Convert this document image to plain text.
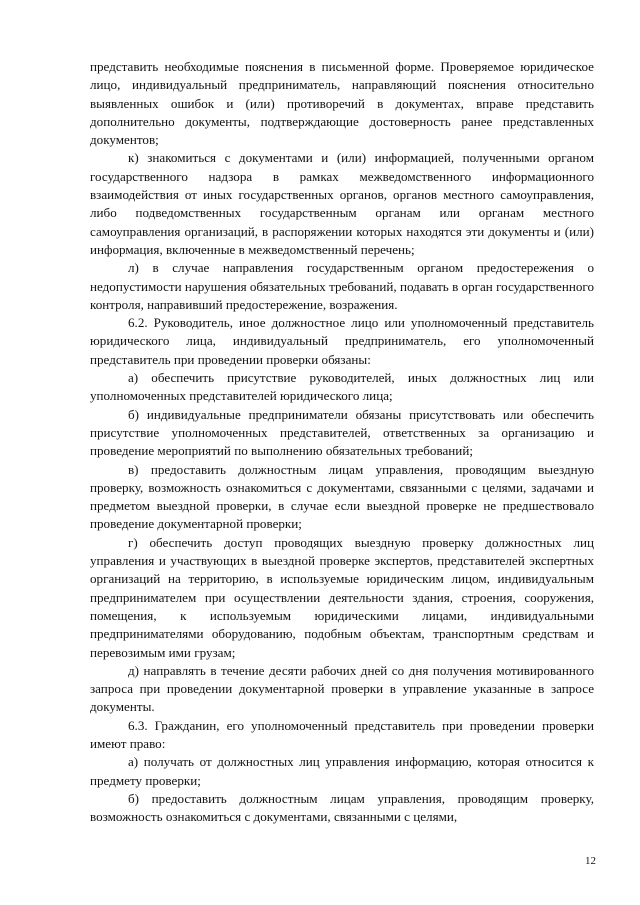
представить необходимые пояснения в письменной форме. Проверяемое юридическое лицо, индивидуальный предприниматель, направляющий пояснения относительно выявленных ошибок и (или) противоречий в документах, вправе представить дополнительно документы, подтверждающие достоверность ранее представленных документов;

к) знакомиться с документами и (или) информацией, полученными органом государственного надзора в рамках межведомственного информационного взаимодействия от иных государственных органов, органов местного самоуправления, либо подведомственных государственным органам или органам местного самоуправления организаций, в распоряжении которых находятся эти документы и (или) информация, включенные в межведомственный перечень;

л) в случае направления государственным органом предостережения о недопустимости нарушения обязательных требований, подавать в орган государственного контроля, направивший предостережение, возражения.

6.2. Руководитель, иное должностное лицо или уполномоченный представитель юридического лица, индивидуальный предприниматель, его уполномоченный представитель при проведении проверки обязаны:

а) обеспечить присутствие руководителей, иных должностных лиц или уполномоченных представителей юридического лица;

б) индивидуальные предприниматели обязаны присутствовать или обеспечить присутствие уполномоченных представителей, ответственных за организацию и проведение мероприятий по выполнению обязательных требований;

в) предоставить должностным лицам управления, проводящим выездную проверку, возможность ознакомиться с документами, связанными с целями, задачами и предметом выездной проверки, в случае если выездной проверке не предшествовало проведение документарной проверки;

г) обеспечить доступ проводящих выездную проверку должностных лиц управления и участвующих в выездной проверке экспертов, представителей экспертных организаций на территорию, в используемые юридическим лицом, индивидуальным предпринимателем при осуществлении деятельности здания, строения, сооружения, помещения, к используемым юридическими лицами, индивидуальными предпринимателями оборудованию, подобным объектам, транспортным средствам и перевозимым ими грузам;

д) направлять в течение десяти рабочих дней со дня получения мотивированного запроса при проведении документарной проверки в управление указанные в запросе документы.

6.3. Гражданин, его уполномоченный представитель при проведении проверки имеют право:

а) получать от должностных лиц управления информацию, которая относится к предмету проверки;

б) предоставить должностным лицам управления, проводящим проверку, возможность ознакомиться с документами, связанными с целями,

12
